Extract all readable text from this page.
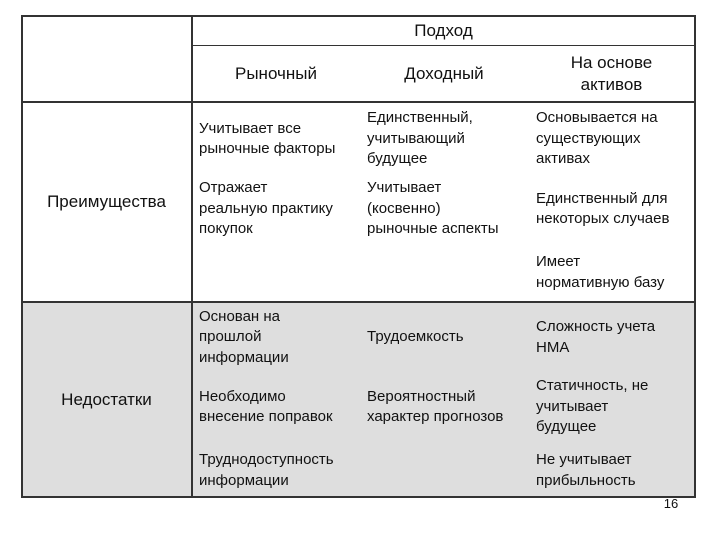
Подход
Рыночный	Доходный
На основе
активов
Преимущества
Недостатки
Учитывает все
рыночные факторы
Единственный,
учитывающий
будущее
Основывается на
существующих
активах
Отражает
реальную практику
покупок
Учитывает
(косвенно)
рыночные аспекты
Единственный для
некоторых случаев
Имеет
нормативную базу
Основан на
прошлой
информации
Трудоемкость
Сложность учета
НМА
Необходимо
внесение поправок
Вероятностный
характер прогнозов
Статичность, не
учитывает
будущее
Труднодоступность
информации
Не учитывает
прибыльность
16
